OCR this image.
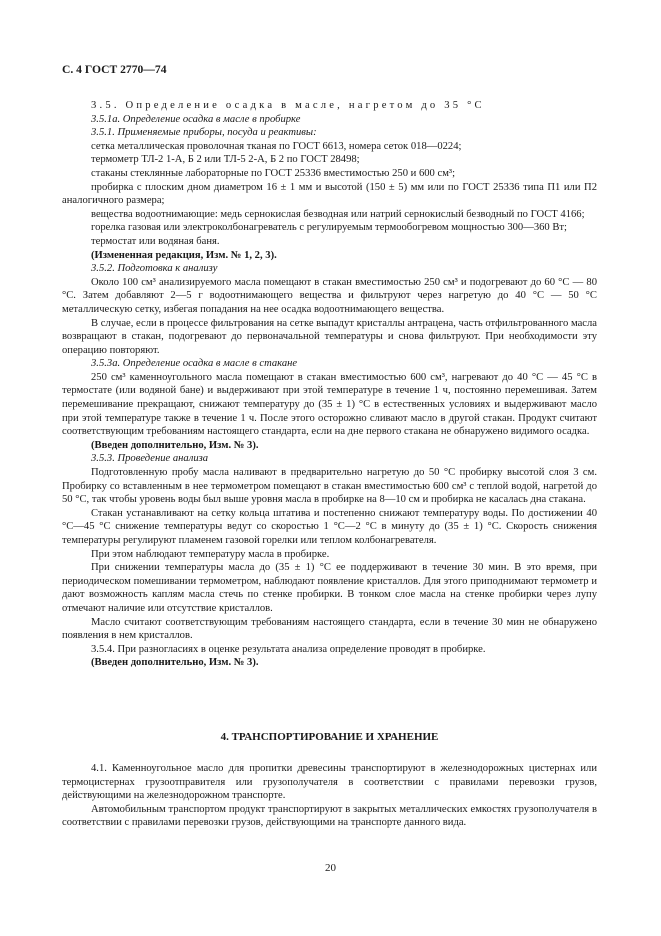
С. 4 ГОСТ 2770—74

3.5. Определение осадка в масле, нагретом до 35 °С

3.5.1а. Определение осадка в масле в пробирке

3.5.1. Применяемые приборы, посуда и реактивы:

сетка металлическая проволочная тканая по ГОСТ 6613, номера сеток 018—0224;

термометр ТЛ-2 1-А, Б 2 или ТЛ-5 2-А, Б 2 по ГОСТ 28498;

стаканы стеклянные лабораторные по ГОСТ 25336 вместимостью 250 и 600 см³;

пробирка с плоским дном диаметром 16 ± 1 мм и высотой (150 ± 5) мм или по ГОСТ 25336 типа П1 или П2 аналогичного размера;

вещества водоотнимающие: медь сернокислая безводная или натрий сернокислый безводный по ГОСТ 4166;

горелка газовая или электроколбонагреватель с регулируемым термообогревом мощностью 300—360 Вт;

термостат или водяная баня.

(Измененная редакция, Изм. № 1, 2, 3).

3.5.2. Подготовка к анализу

Около 100 см³ анализируемого масла помещают в стакан вместимостью 250 см³ и подогревают до 60 °С — 80 °С. Затем добавляют 2—5 г водоотнимающего вещества и фильтруют через нагретую до 40 °С — 50 °С металлическую сетку, избегая попадания на нее осадка водоотнимающего вещества.

В случае, если в процессе фильтрования на сетке выпадут кристаллы антрацена, часть отфильтрованного масла возвращают в стакан, подогревают до первоначальной температуры и снова фильтруют. При необходимости эту операцию повторяют.

3.5.3а. Определение осадка в масле в стакане

250 см³ каменноугольного масла помещают в стакан вместимостью 600 см³, нагревают до 40 °С — 45 °С в термостате (или водяной бане) и выдерживают при этой температуре в течение 1 ч, постоянно перемешивая. Затем перемешивание прекращают, снижают температуру до (35 ± 1) °С в естественных условиях и выдерживают масло при этой температуре также в течение 1 ч. После этого осторожно сливают масло в другой стакан. Продукт считают соответствующим требованиям настоящего стандарта, если на дне первого стакана не обнаружено видимого осадка.

(Введен дополнительно, Изм. № 3).

3.5.3. Проведение анализа

Подготовленную пробу масла наливают в предварительно нагретую до 50 °С пробирку высотой слоя 3 см. Пробирку со вставленным в нее термометром помещают в стакан вместимостью 600 см³ с теплой водой, нагретой до 50 °С, так чтобы уровень воды был выше уровня масла в пробирке на 8—10 см и пробирка не касалась дна стакана.

Стакан устанавливают на сетку кольца штатива и постепенно снижают температуру воды. По достижении 40 °С—45 °С снижение температуры ведут со скоростью 1 °С—2 °С в минуту до (35 ± 1) °С. Скорость снижения температуры регулируют пламенем газовой горелки или теплом колбонагревателя.

При этом наблюдают температуру масла в пробирке.

При снижении температуры масла до (35 ± 1) °С ее поддерживают в течение 30 мин. В это время, при периодическом помешивании термометром, наблюдают появление кристаллов. Для этого приподнимают термометр и дают возможность каплям масла стечь по стенке пробирки. В тонком слое масла на стенке пробирки через лупу отмечают наличие или отсутствие кристаллов.

Масло считают соответствующим требованиям настоящего стандарта, если в течение 30 мин не обнаружено появления в нем кристаллов.

3.5.4. При разногласиях в оценке результата анализа определение проводят в пробирке.

(Введен дополнительно, Изм. № 3).

4. ТРАНСПОРТИРОВАНИЕ И ХРАНЕНИЕ

4.1. Каменноугольное масло для пропитки древесины транспортируют в железнодорожных цистернах или термоцистернах грузоотправителя или грузополучателя в соответствии с правилами перевозки грузов, действующими на железнодорожном транспорте.

Автомобильным транспортом продукт транспортируют в закрытых металлических емкостях грузополучателя в соответствии с правилами перевозки грузов, действующими на транспорте данного вида.

20
